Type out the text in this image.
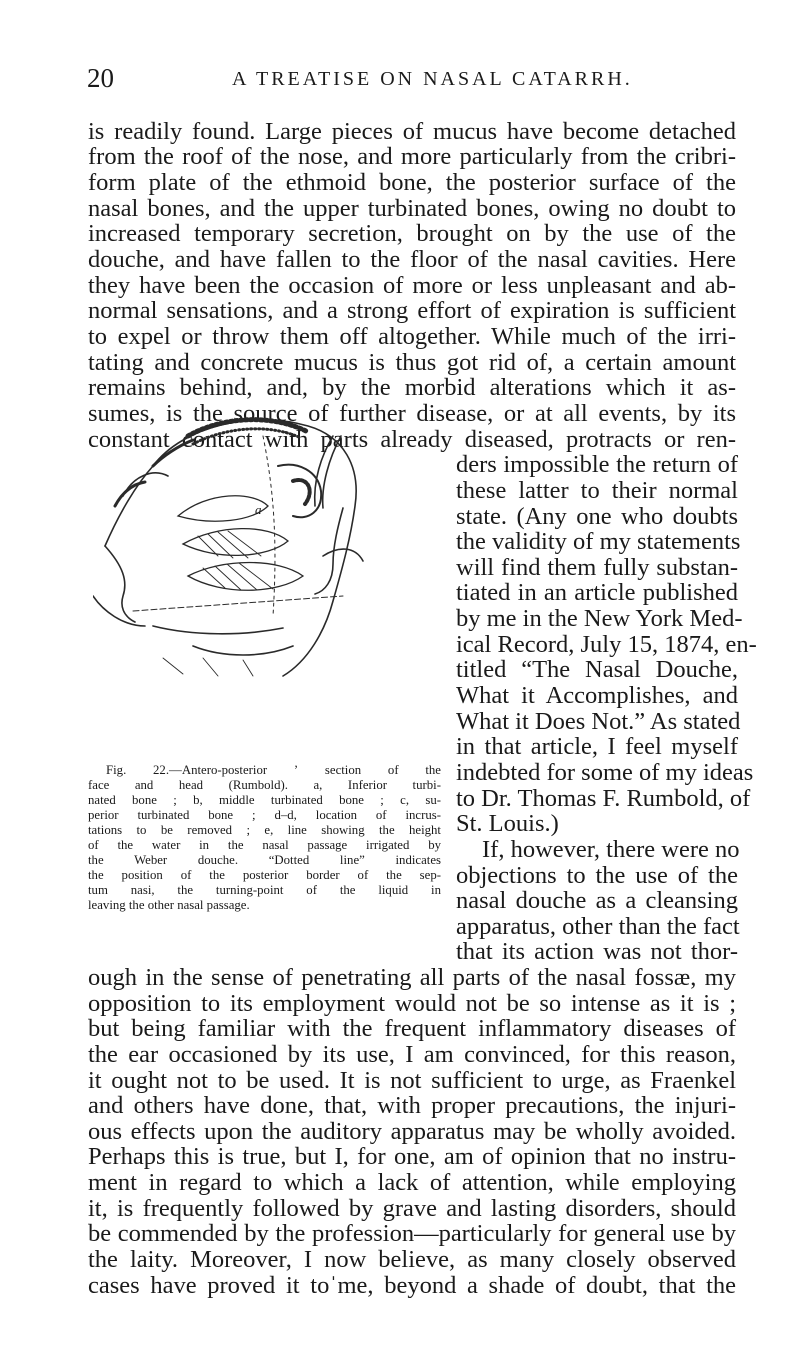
20	A TREATISE ON NASAL CATARRH.
is readily found. Large pieces of mucus have become detached
from the roof of the nose, and more particularly from the cribri-
form plate of the ethmoid bone, the posterior surface of the
nasal bones, and the upper turbinated bones, owing no doubt to
increased temporary secretion, brought on by the use of the
douche, and have fallen to the floor of the nasal cavities. Here
they have been the occasion of more or less unpleasant and ab-
normal sensations, and a strong effort of expiration is sufficient
to expel or throw them off altogether. While much of the irri-
tating and concrete mucus is thus got rid of, a certain amount
remains behind, and, by the morbid alterations which it as-
sumes, is the source of further disease, or at all events, by its
constant contact with parts already diseased, protracts or ren-
a
ders impossible the return of
these latter to their normal
state. (Any one who doubts
the validity of my statements
will find them fully substan-
tiated in an article published
by me in the New York Med-
ical Record, July 15, 1874, en-
titled “The Nasal Douche,
What it Accomplishes, and
What it Does Not.” As stated
in that article, I feel myself
indebted for some of my ideas
to Dr. Thomas F. Rumbold, of
St. Louis.)
If, however, there were no
objections to the use of the
nasal douche as a cleansing
apparatus, other than the fact
that its action was not thor-
Fig. 22.—Antero-posterior ʼ section of the
face and head (Rumbold). a, Inferior turbi-
nated bone ; b, middle turbinated bone ; c, su-
perior turbinated bone ; d–d, location of incrus-
tations to be removed ; e, line showing the height
of the water in the nasal passage irrigated by
the Weber douche. “Dotted line” indicates
the position of the posterior border of the sep-
tum nasi, the turning-point of the liquid in
leaving the other nasal passage.
ough in the sense of penetrating all parts of the nasal fossæ, my
opposition to its employment would not be so intense as it is ;
but being familiar with the frequent inflammatory diseases of
the ear occasioned by its use, I am convinced, for this reason,
it ought not to be used. It is not sufficient to urge, as Fraenkel
and others have done, that, with proper precautions, the injuri-
ous effects upon the auditory apparatus may be wholly avoided.
Perhaps this is true, but I, for one, am of opinion that no instru-
ment in regard to which a lack of attention, while employing
it, is frequently followed by grave and lasting disorders, should
be commended by the profession—particularly for general use by
the laity. Moreover, I now believe, as many closely observed
cases have proved it toˈme, beyond a shade of doubt, that the
